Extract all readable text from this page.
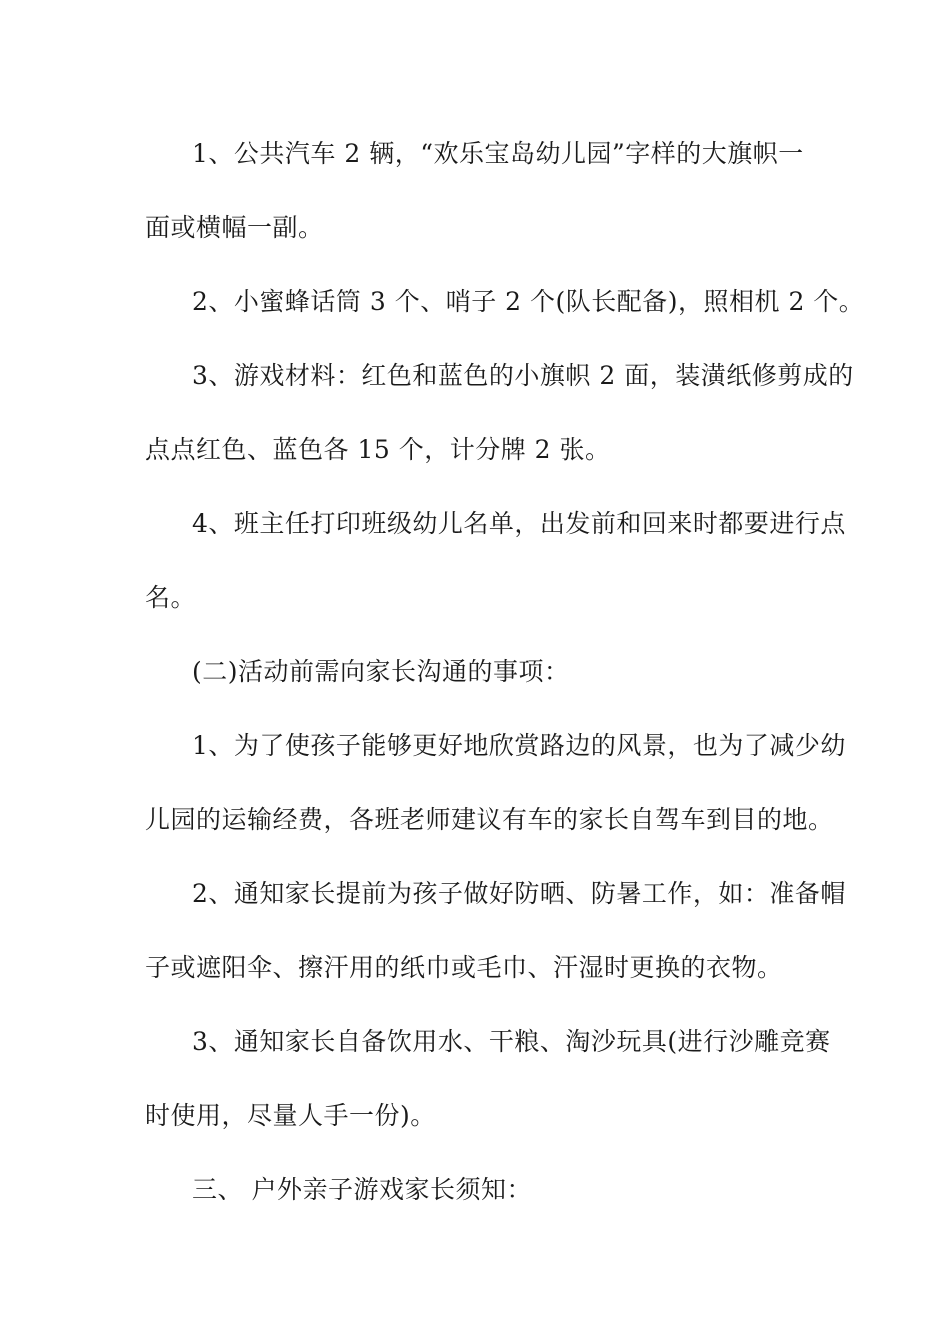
1、公共汽车 2 辆，“欢乐宝岛幼儿园”字样的大旗帜一
面或横幅一副。
2、小蜜蜂话筒 3 个、哨子 2 个(队长配备)，照相机 2 个。
3、游戏材料：红色和蓝色的小旗帜 2 面，装潢纸修剪成的
点点红色、蓝色各 15 个，计分牌 2 张。
4、班主任打印班级幼儿名单，出发前和回来时都要进行点
名。
(二)活动前需向家长沟通的事项：
1、为了使孩子能够更好地欣赏路边的风景，也为了减少幼
儿园的运输经费，各班老师建议有车的家长自驾车到目的地。
2、通知家长提前为孩子做好防晒、防暑工作，如：准备帽
子或遮阳伞、擦汗用的纸巾或毛巾、汗湿时更换的衣物。
3、通知家长自备饮用水、干粮、淘沙玩具(进行沙雕竞赛
时使用，尽量人手一份)。
三、 户外亲子游戏家长须知：
